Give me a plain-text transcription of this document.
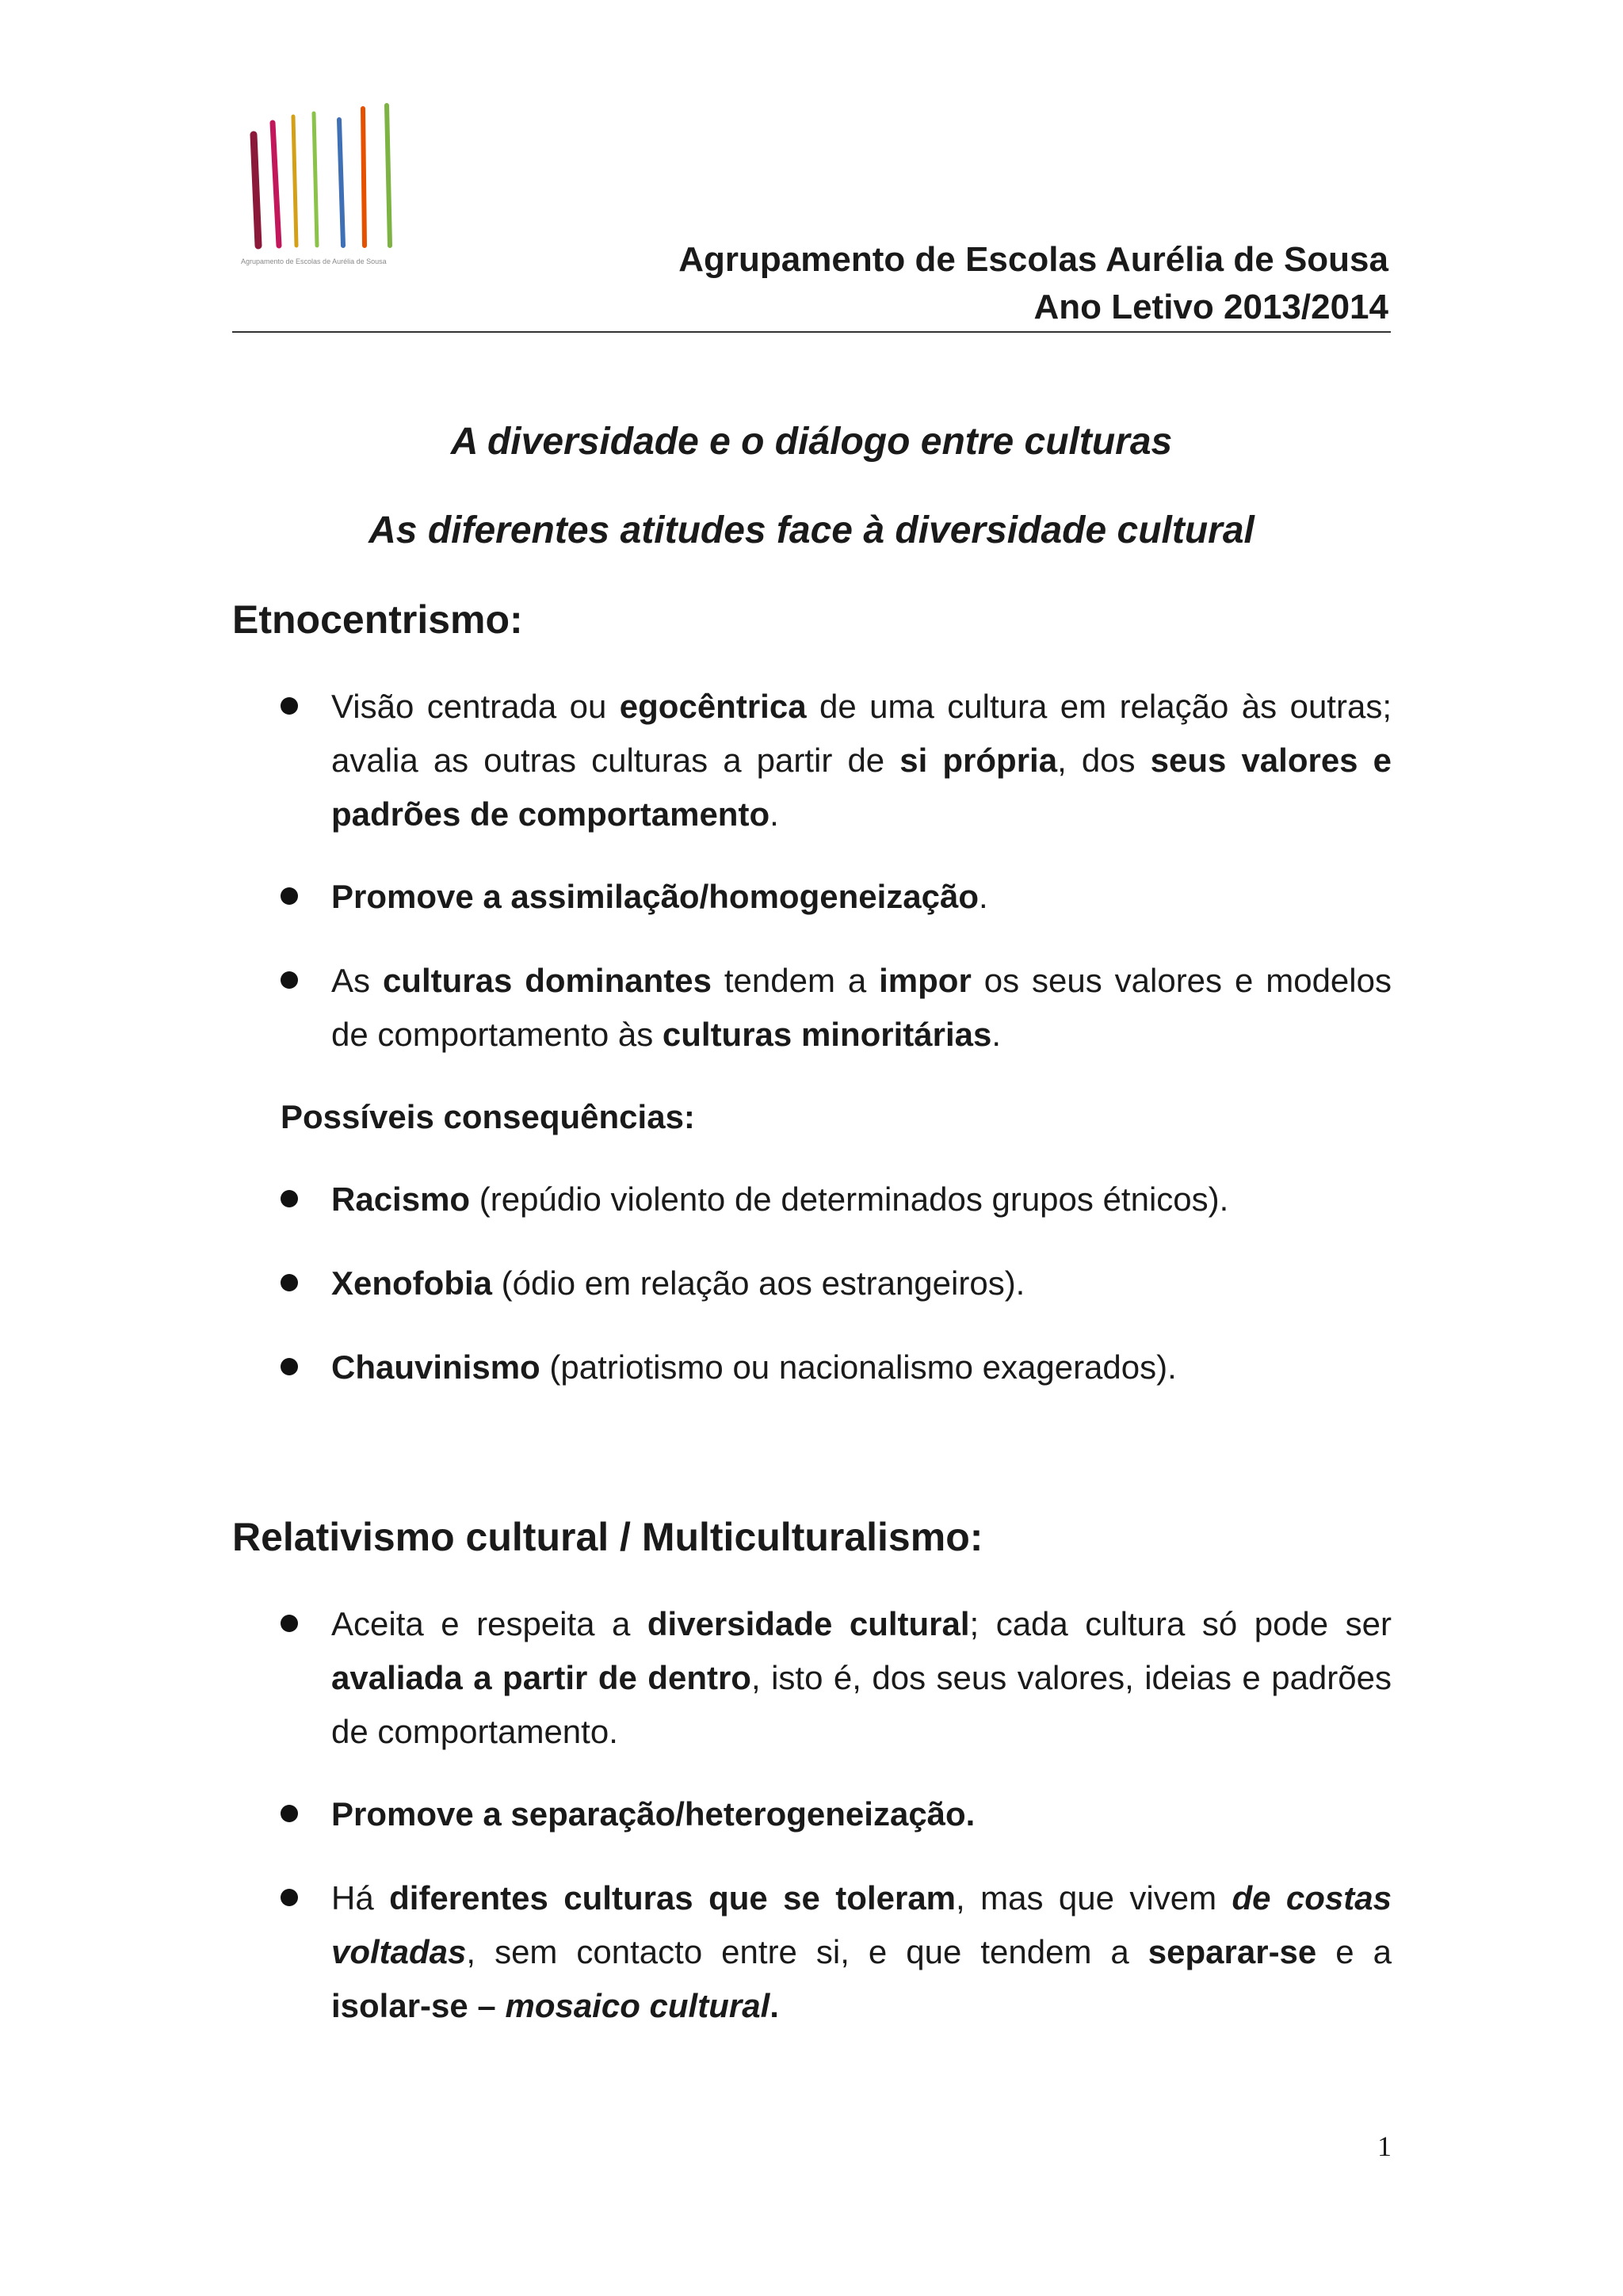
Agrupamento de Escolas de Aurélia de Sousa	Agrupamento de Escolas Aurélia de Sousa
Ano Letivo 2013/2014
A diversidade e o diálogo entre culturas
As diferentes atitudes face à diversidade cultural
Etnocentrismo:
Visão centrada ou egocêntrica de uma cultura em relação às outras; avalia as outras culturas a partir de si própria, dos seus valores e padrões de comportamento.
Promove a assimilação/homogeneização.
As culturas dominantes tendem a impor os seus valores e modelos de comportamento às culturas minoritárias.
Possíveis consequências:
Racismo (repúdio violento de determinados grupos étnicos).
Xenofobia (ódio em relação aos estrangeiros).
Chauvinismo (patriotismo ou nacionalismo exagerados).
Relativismo cultural / Multiculturalismo:
Aceita e respeita a diversidade cultural; cada cultura só pode ser avaliada a partir de dentro, isto é, dos seus valores, ideias e padrões de comportamento.
Promove a separação/heterogeneização.
Há diferentes culturas que se toleram, mas que vivem de costas voltadas, sem contacto entre si, e que tendem a separar-se e a isolar-se – mosaico cultural.
1
